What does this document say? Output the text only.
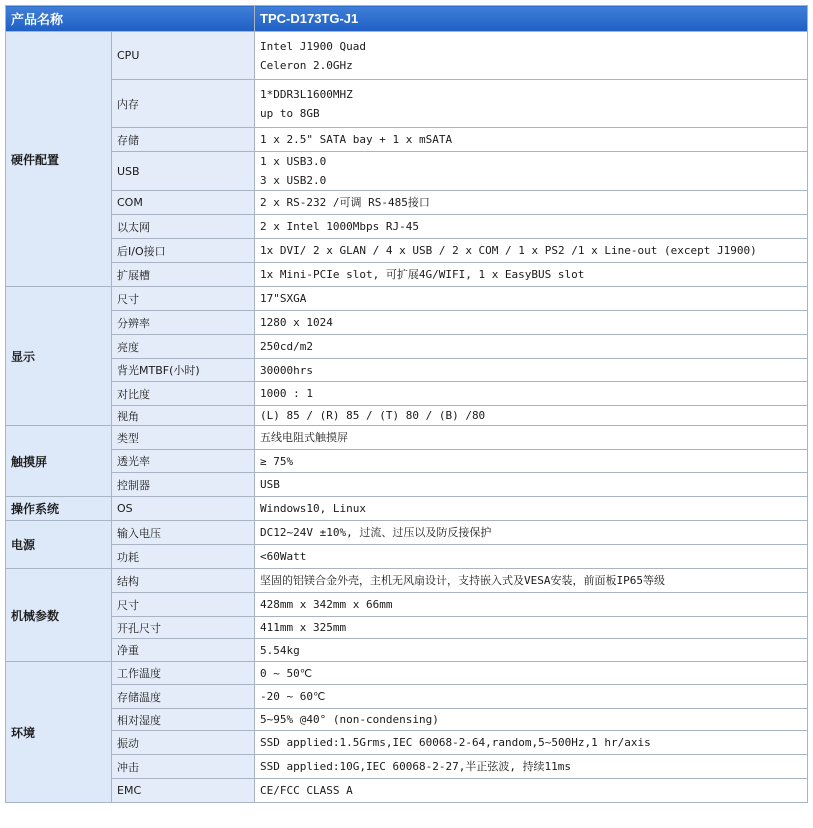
产品名称		TPC-D173TG-J1
硬件配置	CPU	Intel J1900 Quad
Celeron 2.0GHz

	内存	1*DDR3L1600MHZ
up to 8GB

	存储	1 x 2.5" SATA bay + 1 x mSATA

	USB	1 x USB3.0
3 x USB2.0

	COM	2 x RS-232 /可调 RS-485接口

	以太网	2 x Intel 1000Mbps RJ-45

	后I/O接口	1x DVI/ 2 x GLAN / 4 x USB / 2 x COM / 1 x PS2 /1 x Line-out (except J1900)

	扩展槽	1x Mini-PCIe slot, 可扩展4G/WIFI, 1 x EasyBUS slot

显示	尺寸	17"SXGA

	分辨率	1280 x 1024

	亮度	250cd/m2

	背光MTBF(小时)	30000hrs

	对比度	1000 : 1

	视角	(L) 85 / (R) 85 / (T) 80 / (B) /80

触摸屏	类型	五线电阻式触摸屏

	透光率	≥ 75%

	控制器	USB

操作系统	OS	Windows10, Linux

电源	输入电压	DC12~24V ±10%, 过流、过压以及防反接保护

	功耗	<60Watt

机械参数	结构	坚固的铝镁合金外壳，主机无风扇设计，支持嵌入式及VESA安装，前面板IP65等级

	尺寸	428mm x 342mm x 66mm

	开孔尺寸	411mm x 325mm

	净重	5.54kg

环境	工作温度	0 ~ 50℃

	存储温度	-20 ~ 60℃

	相对湿度	5~95% @40° (non-condensing)

	振动	SSD applied:1.5Grms,IEC 60068-2-64,random,5~500Hz,1 hr/axis

	冲击	SSD applied:10G,IEC 60068-2-27,半正弦波, 持续11ms

	EMC	CE/FCC CLASS A
